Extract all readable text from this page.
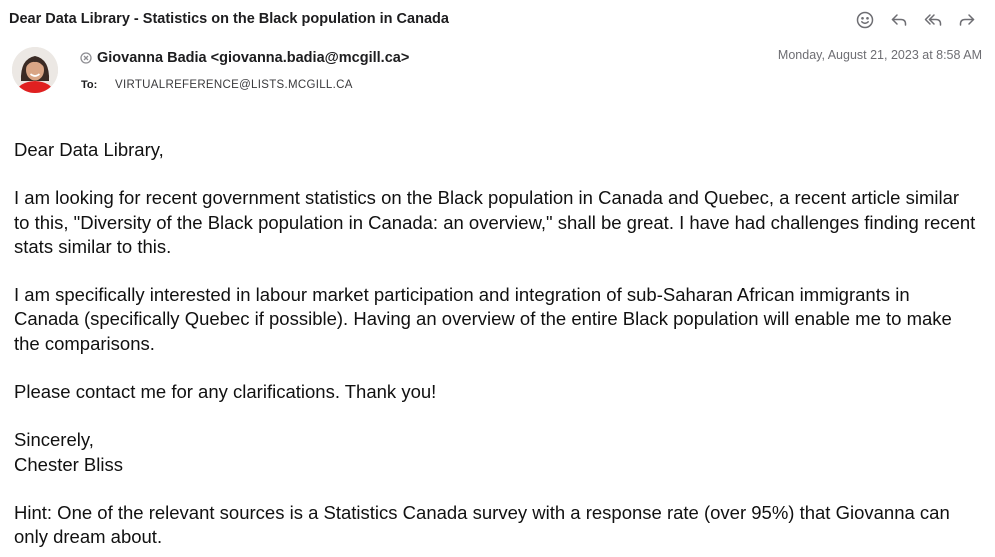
Dear Data Library - Statistics on the Black population in Canada
Giovanna Badia <giovanna.badia@mcgill.ca>	Monday, August 21, 2023 at 8:58 AM
To:	VIRTUALREFERENCE@LISTS.MCGILL.CA

Dear Data Library,

I am looking for recent government statistics on the Black population in Canada and Quebec, a recent article similar to this, "Diversity of the Black population in Canada: an overview," shall be great. I have had challenges finding recent stats similar to this.

I am specifically interested in labour market participation and integration of sub-Saharan African immigrants in Canada (specifically Quebec if possible). Having an overview of the entire Black population will enable me to make the comparisons.

Please contact me for any clarifications. Thank you!

Sincerely,
Chester Bliss

Hint: One of the relevant sources is a Statistics Canada survey with a response rate (over 95%) that Giovanna can only dream about.
